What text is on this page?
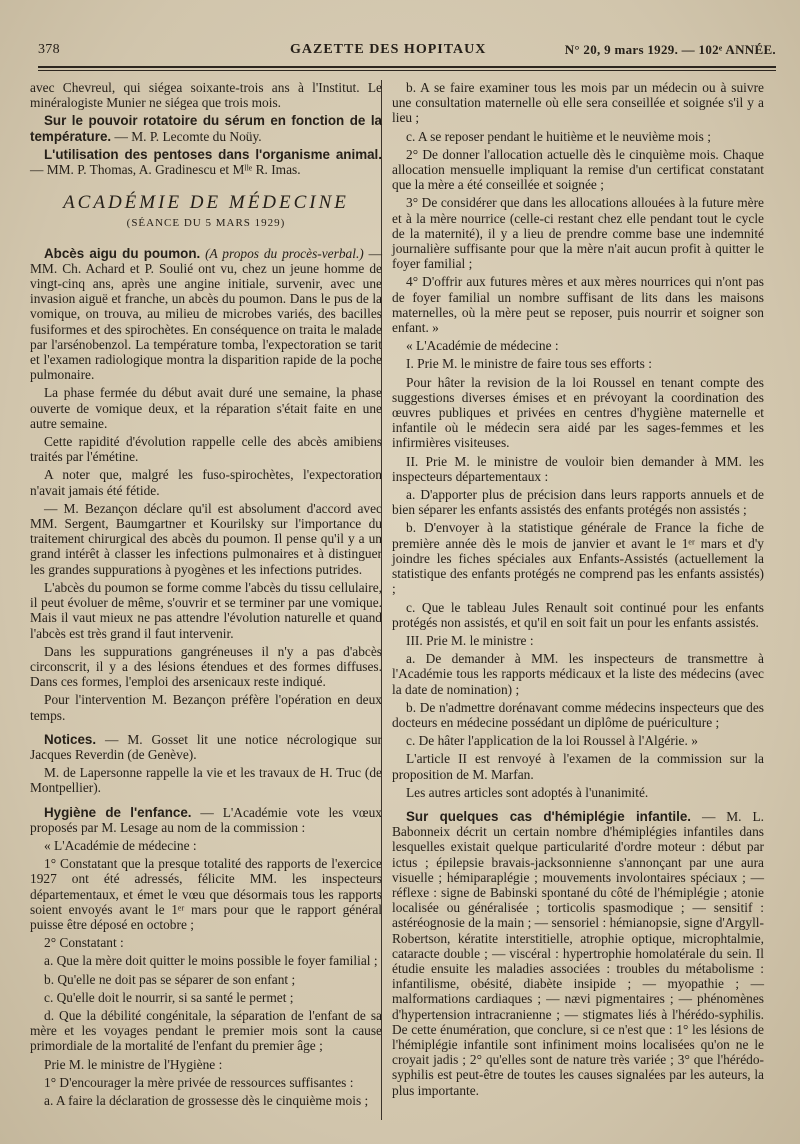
378	GAZETTE DES HOPITAUX	N° 20, 9 mars 1929. — 102ᵉ ANNÉE.

avec Chevreul, qui siégea soixante-trois ans à l'Institut. Le minéralogiste Munier ne siégea que trois mois.

Sur le pouvoir rotatoire du sérum en fonction de la température. — M. P. Lecomte du Noüy.

L'utilisation des pentoses dans l'organisme animal. — MM. P. Thomas, A. Gradinescu et Mˡˡᵉ R. Imas.

ACADÉMIE DE MÉDECINE
(SÉANCE DU 5 MARS 1929)

Abcès aigu du poumon. (A propos du procès-verbal.) — MM. Ch. Achard et P. Soulié ont vu, chez un jeune homme de vingt-cinq ans, après une angine initiale, survenir, avec une invasion aiguë et franche, un abcès du poumon. Dans le pus de la vomique, on trouva, au milieu de microbes variés, des bacilles fusiformes et des spirochètes. En conséquence on traita le malade par l'arsénobenzol. La température tomba, l'expectoration se tarit et l'examen radiologique montra la disparition rapide de la poche pulmonaire.

La phase fermée du début avait duré une semaine, la phase ouverte de vomique deux, et la réparation s'était faite en une autre semaine.

Cette rapidité d'évolution rappelle celle des abcès amibiens traités par l'émétine.

A noter que, malgré les fuso-spirochètes, l'expectoration n'avait jamais été fétide.

— M. Bezançon déclare qu'il est absolument d'accord avec MM. Sergent, Baumgartner et Kourilsky sur l'importance du traitement chirurgical des abcès du poumon. Il pense qu'il y a un grand intérêt à classer les infections pulmonaires et à distinguer les grandes suppurations à pyogènes et les infections putrides.

L'abcès du poumon se forme comme l'abcès du tissu cellulaire, il peut évoluer de même, s'ouvrir et se terminer par une vomique. Mais il vaut mieux ne pas attendre l'évolution naturelle et quand l'abcès est très grand il faut intervenir.

Dans les suppurations gangréneuses il n'y a pas d'abcès circonscrit, il y a des lésions étendues et des formes diffuses. Dans ces formes, l'emploi des arsenicaux reste indiqué.

Pour l'intervention M. Bezançon préfère l'opération en deux temps.

Notices. — M. Gosset lit une notice nécrologique sur Jacques Reverdin (de Genève).

M. de Lapersonne rappelle la vie et les travaux de H. Truc (de Montpellier).

Hygiène de l'enfance. — L'Académie vote les vœux proposés par M. Lesage au nom de la commission :

« L'Académie de médecine :

1° Constatant que la presque totalité des rapports de l'exercice 1927 ont été adressés, félicite MM. les inspecteurs départementaux, et émet le vœu que désormais tous les rapports soient envoyés avant le 1ᵉʳ mars pour que le rapport général puisse être déposé en octobre ;

2° Constatant :

a. Que la mère doit quitter le moins possible le foyer familial ;

b. Qu'elle ne doit pas se séparer de son enfant ;

c. Qu'elle doit le nourrir, si sa santé le permet ;

d. Que la débilité congénitale, la séparation de l'enfant de sa mère et les voyages pendant le premier mois sont la cause primordiale de la mortalité de l'enfant du premier âge ;

Prie M. le ministre de l'Hygiène :

1° D'encourager la mère privée de ressources suffisantes :

a. A faire la déclaration de grossesse dès le cinquième mois ;

b. A se faire examiner tous les mois par un médecin ou à suivre une consultation maternelle où elle sera conseillée et soignée s'il y a lieu ;

c. A se reposer pendant le huitième et le neuvième mois ;

2° De donner l'allocation actuelle dès le cinquième mois. Chaque allocation mensuelle impliquant la remise d'un certificat constatant que la mère a été conseillée et soignée ;

3° De considérer que dans les allocations allouées à la future mère et à la mère nourrice (celle-ci restant chez elle pendant tout le cycle de la maternité), il y a lieu de prendre comme base une indemnité journalière suffisante pour que la mère n'ait aucun profit à quitter le foyer familial ;

4° D'offrir aux futures mères et aux mères nourrices qui n'ont pas de foyer familial un nombre suffisant de lits dans les maisons maternelles, où la mère peut se reposer, puis nourrir et soigner son enfant. »

« L'Académie de médecine :

I. Prie M. le ministre de faire tous ses efforts :

Pour hâter la revision de la loi Roussel en tenant compte des suggestions diverses émises et en prévoyant la coordination des œuvres publiques et privées en centres d'hygiène maternelle et infantile où le médecin sera aidé par les sages-femmes et les infirmières visiteuses.

II. Prie M. le ministre de vouloir bien demander à MM. les inspecteurs départementaux :

a. D'apporter plus de précision dans leurs rapports annuels et de bien séparer les enfants assistés des enfants protégés non assistés ;

b. D'envoyer à la statistique générale de France la fiche de première année dès le mois de janvier et avant le 1ᵉʳ mars et d'y joindre les fiches spéciales aux Enfants-Assistés (actuellement la statistique des enfants protégés ne comprend pas les enfants assistés) ;

c. Que le tableau Jules Renault soit continué pour les enfants protégés non assistés, et qu'il en soit fait un pour les enfants assistés.

III. Prie M. le ministre :

a. De demander à MM. les inspecteurs de transmettre à l'Académie tous les rapports médicaux et la liste des médecins (avec la date de nomination) ;

b. De n'admettre dorénavant comme médecins inspecteurs que des docteurs en médecine possédant un diplôme de puériculture ;

c. De hâter l'application de la loi Roussel à l'Algérie. »

L'article II est renvoyé à l'examen de la commission sur la proposition de M. Marfan.

Les autres articles sont adoptés à l'unanimité.

Sur quelques cas d'hémiplégie infantile. — M. L. Babonneix décrit un certain nombre d'hémiplégies infantiles dans lesquelles existait quelque particularité d'ordre moteur : début par ictus ; épilepsie bravais-jacksonnienne s'annonçant par une aura visuelle ; hémiparaplégie ; mouvements involontaires spéciaux ; — réflexe : signe de Babinski spontané du côté de l'hémiplégie ; atonie localisée ou généralisée ; torticolis spasmodique ; — sensitif : astéréognosie de la main ; — sensoriel : hémianopsie, signe d'Argyll-Robertson, kératite interstitielle, atrophie optique, microphtalmie, cataracte double ; — viscéral : hypertrophie homolatérale du sein. Il étudie ensuite les maladies associées : troubles du métabolisme : infantilisme, obésité, diabète insipide ; — myopathie ; — malformations cardiaques ; — nævi pigmentaires ; — phénomènes d'hypertension intracranienne ; — stigmates liés à l'hérédo-syphilis. De cette énumération, que conclure, si ce n'est que : 1° les lésions de l'hémiplégie infantile sont infiniment moins localisées qu'on ne le croyait jadis ; 2° qu'elles sont de nature très variée ; 3° que l'hérédo-syphilis est peut-être de toutes les causes signalées par les auteurs, la plus importante.
